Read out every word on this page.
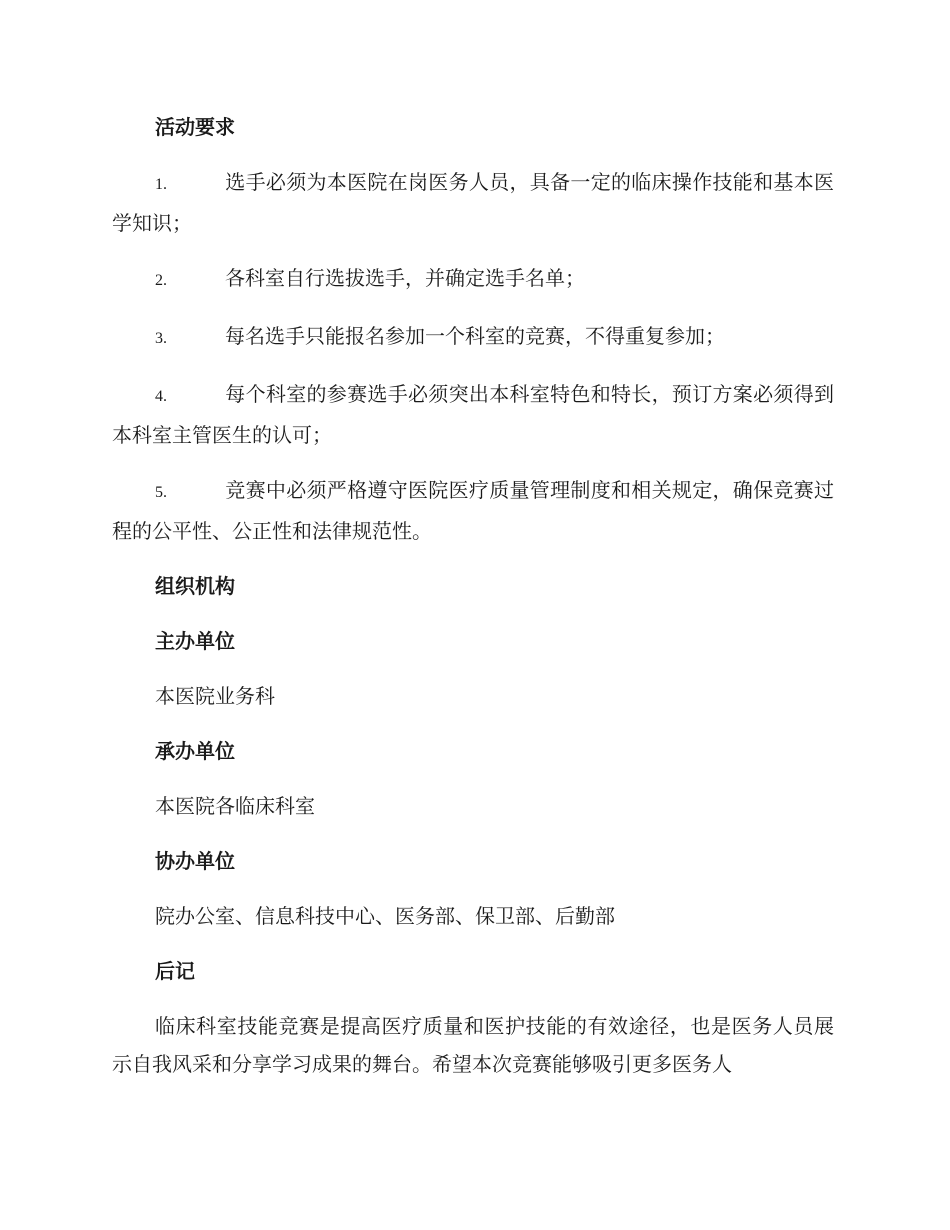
活动要求
1.	选手必须为本医院在岗医务人员，具备一定的临床操作技能和基本医学知识；
2.	各科室自行选拔选手，并确定选手名单；
3.	每名选手只能报名参加一个科室的竞赛，不得重复参加；
4.	每个科室的参赛选手必须突出本科室特色和特长，预订方案必须得到本科室主管医生的认可；
5.	竞赛中必须严格遵守医院医疗质量管理制度和相关规定，确保竞赛过程的公平性、公正性和法律规范性。
组织机构
主办单位
本医院业务科
承办单位
本医院各临床科室
协办单位
院办公室、信息科技中心、医务部、保卫部、后勤部
后记
临床科室技能竞赛是提高医疗质量和医护技能的有效途径，也是医务人员展示自我风采和分享学习成果的舞台。希望本次竞赛能够吸引更多医务人
